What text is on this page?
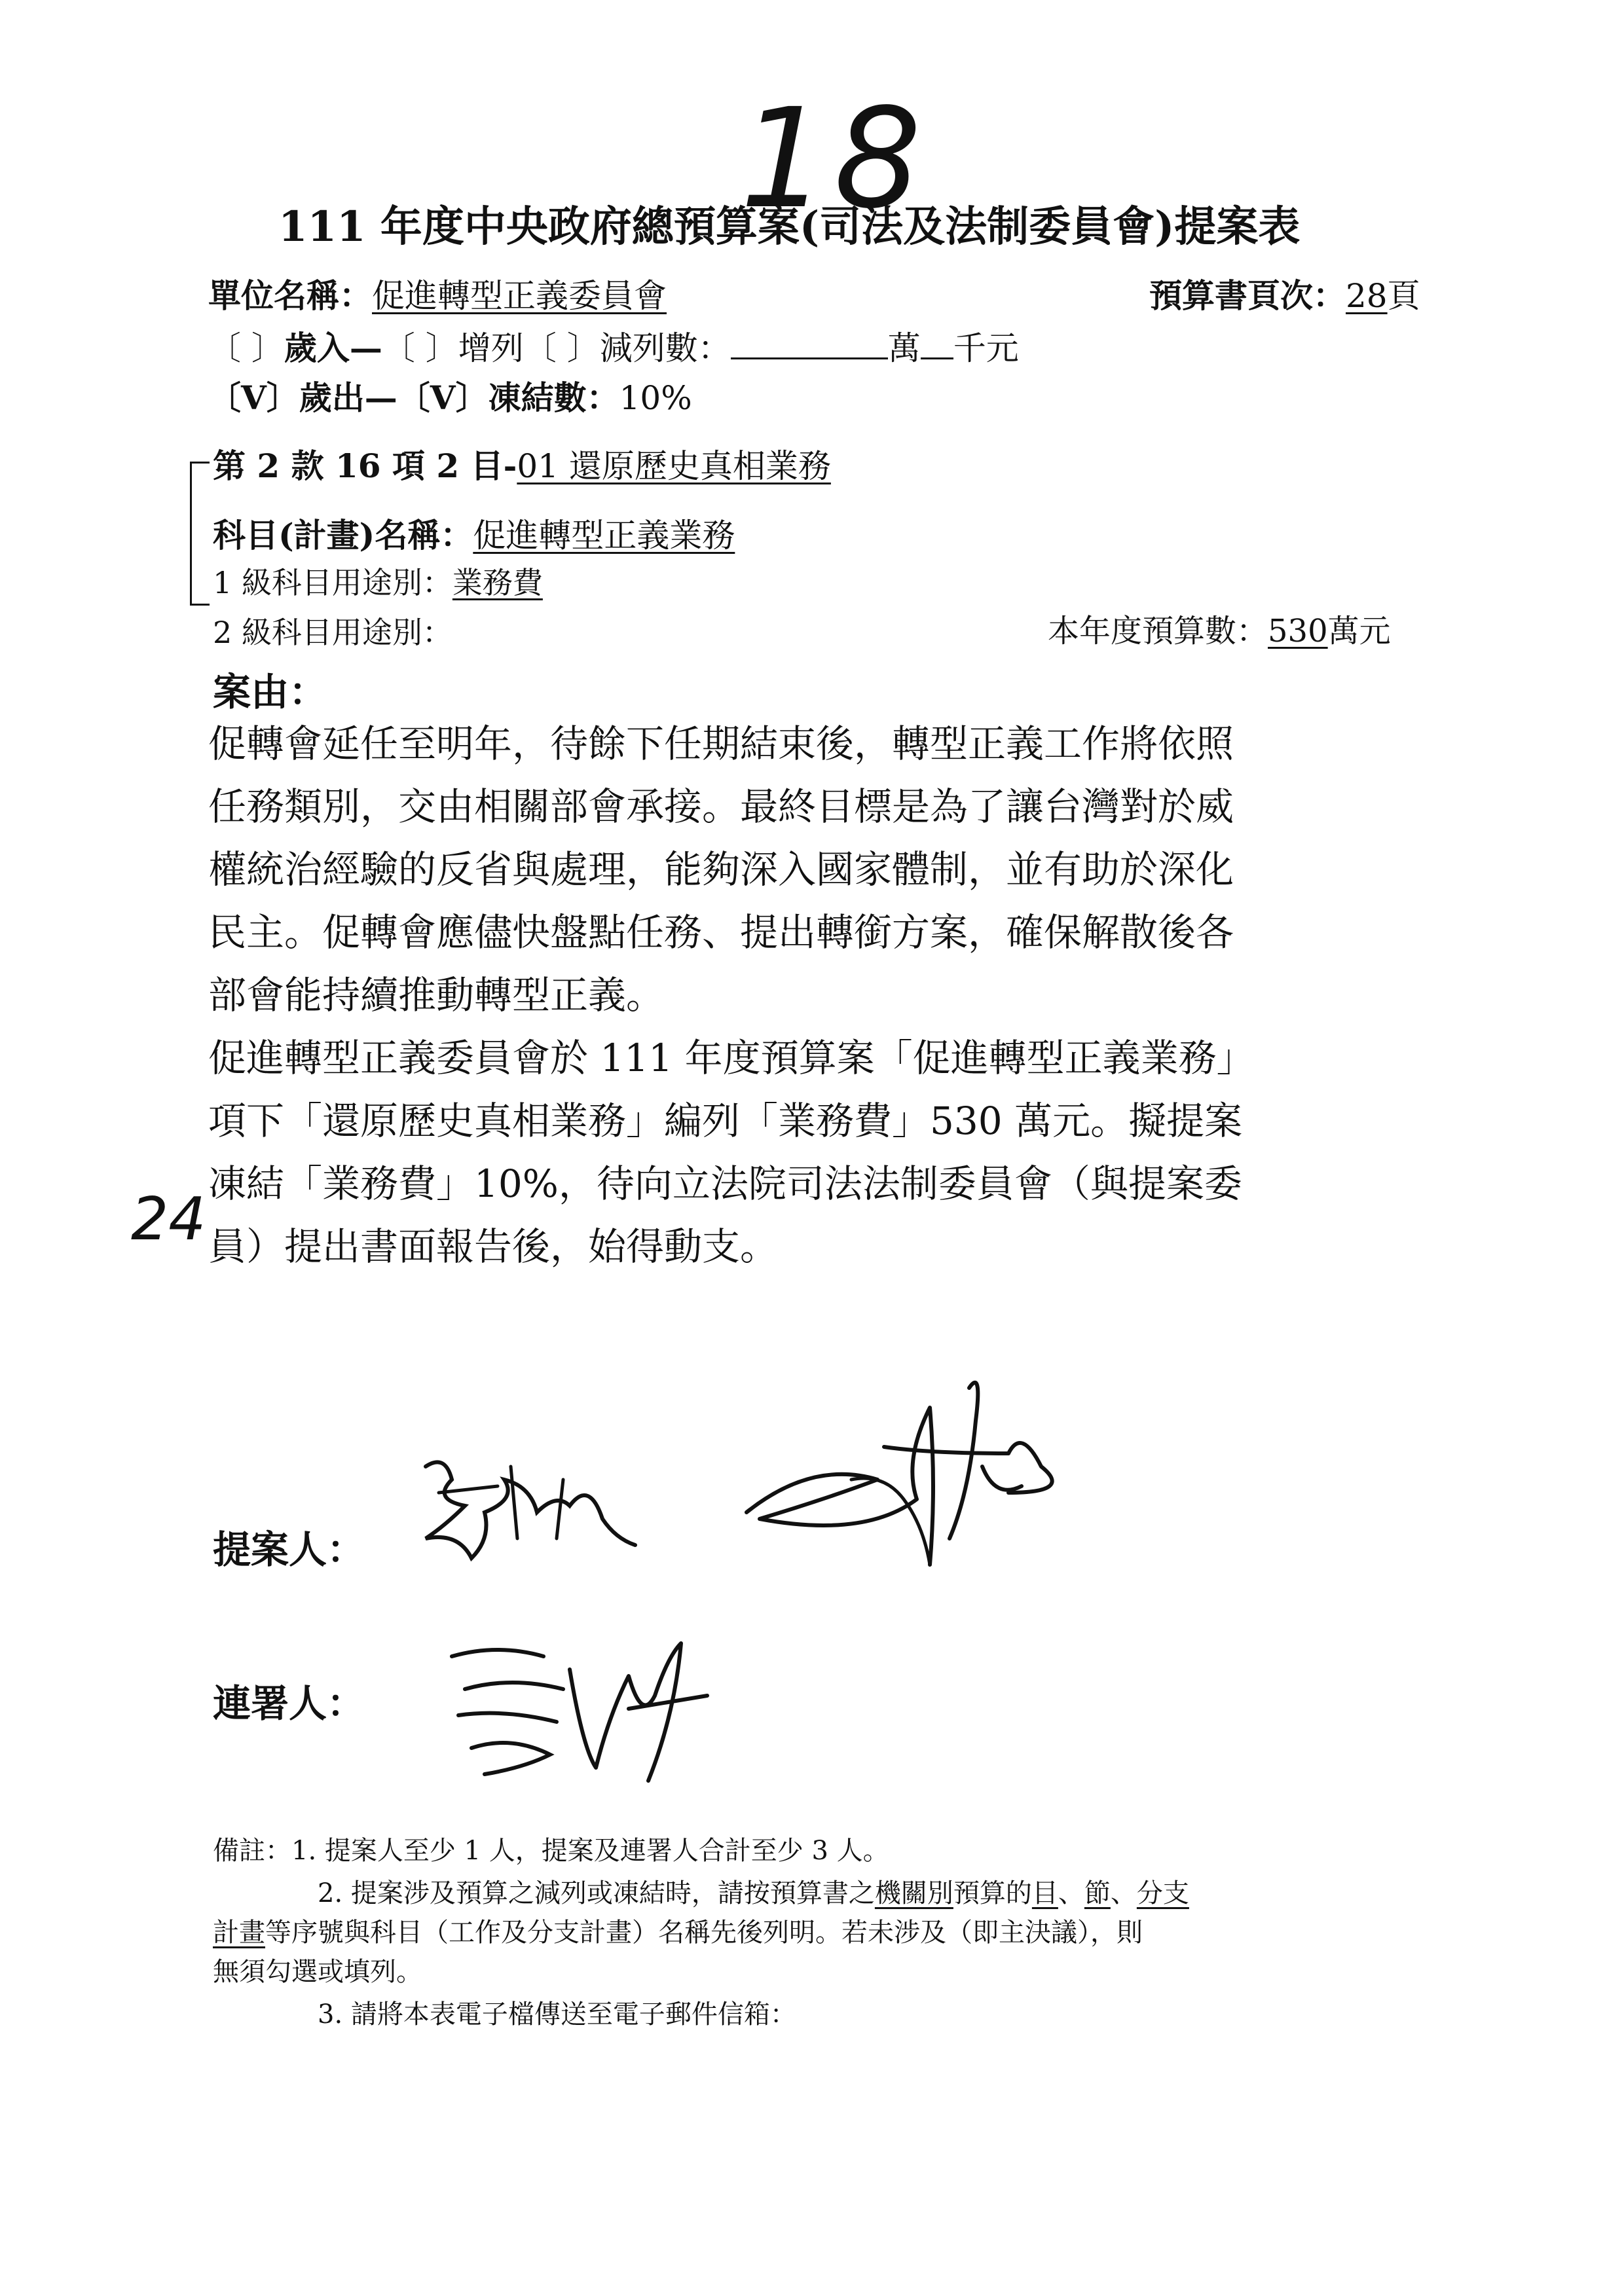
18
111 年度中央政府總預算案(司法及法制委員會)提案表
單位名稱：促進轉型正義委員會	預算書頁次：28頁
〔 〕歲入—〔 〕增列〔 〕減列數：	萬 千元
〔V〕歲出—〔V〕凍結數：10%
第 2 款 16 項 2 目-01 還原歷史真相業務
科目(計畫)名稱：促進轉型正義業務
1 級科目用途別：業務費
2 級科目用途別：	本年度預算數：530萬元
案由：
促轉會延任至明年，待餘下任期結束後，轉型正義工作將依照
任務類別，交由相關部會承接。最終目標是為了讓台灣對於威
權統治經驗的反省與處理，能夠深入國家體制，並有助於深化
民主。促轉會應儘快盤點任務、提出轉銜方案，確保解散後各
部會能持續推動轉型正義。
促進轉型正義委員會於 111 年度預算案「促進轉型正義業務」
項下「還原歷史真相業務」編列「業務費」530 萬元。擬提案
凍結「業務費」10%，待向立法院司法法制委員會（與提案委
員）提出書面報告後，始得動支。
24
提案人：
連署人：
備註：1. 提案人至少 1 人，提案及連署人合計至少 3 人。
2. 提案涉及預算之減列或凍結時，請按預算書之機關別預算的目、節、分支
計畫等序號與科目（工作及分支計畫）名稱先後列明。若未涉及（即主決議），則
無須勾選或填列。
3. 請將本表電子檔傳送至電子郵件信箱：
